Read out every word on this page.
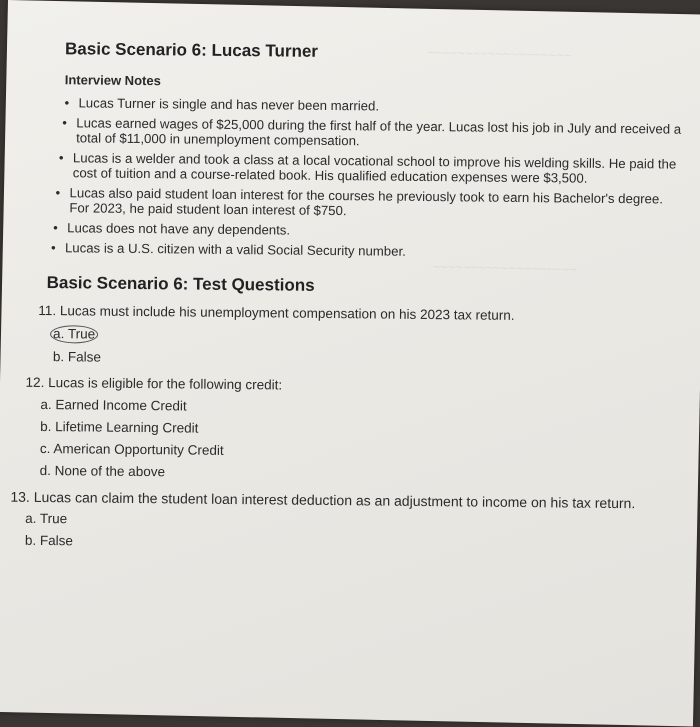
~~~~~~~~~~~~~~~~~~~
~~~~~~~~~~~~~~~~~~~
Basic Scenario 6: Lucas Turner
Interview Notes
• Lucas Turner is single and has never been married.
• Lucas earned wages of $25,000 during the first half of the year. Lucas lost his job in July and received a total of $11,000 in unemployment compensation.
• Lucas is a welder and took a class at a local vocational school to improve his welding skills. He paid the cost of tuition and a course-related book. His qualified education expenses were $3,500.
• Lucas also paid student loan interest for the courses he previously took to earn his Bachelor's degree. For 2023, he paid student loan interest of $750.
• Lucas does not have any dependents.
• Lucas is a U.S. citizen with a valid Social Security number.
Basic Scenario 6: Test Questions
11. Lucas must include his unemployment compensation on his 2023 tax return.
a. True
b. False
12. Lucas is eligible for the following credit:
a. Earned Income Credit
b. Lifetime Learning Credit
c. American Opportunity Credit
d. None of the above
13. Lucas can claim the student loan interest deduction as an adjustment to income on his tax return.
a. True
b. False
